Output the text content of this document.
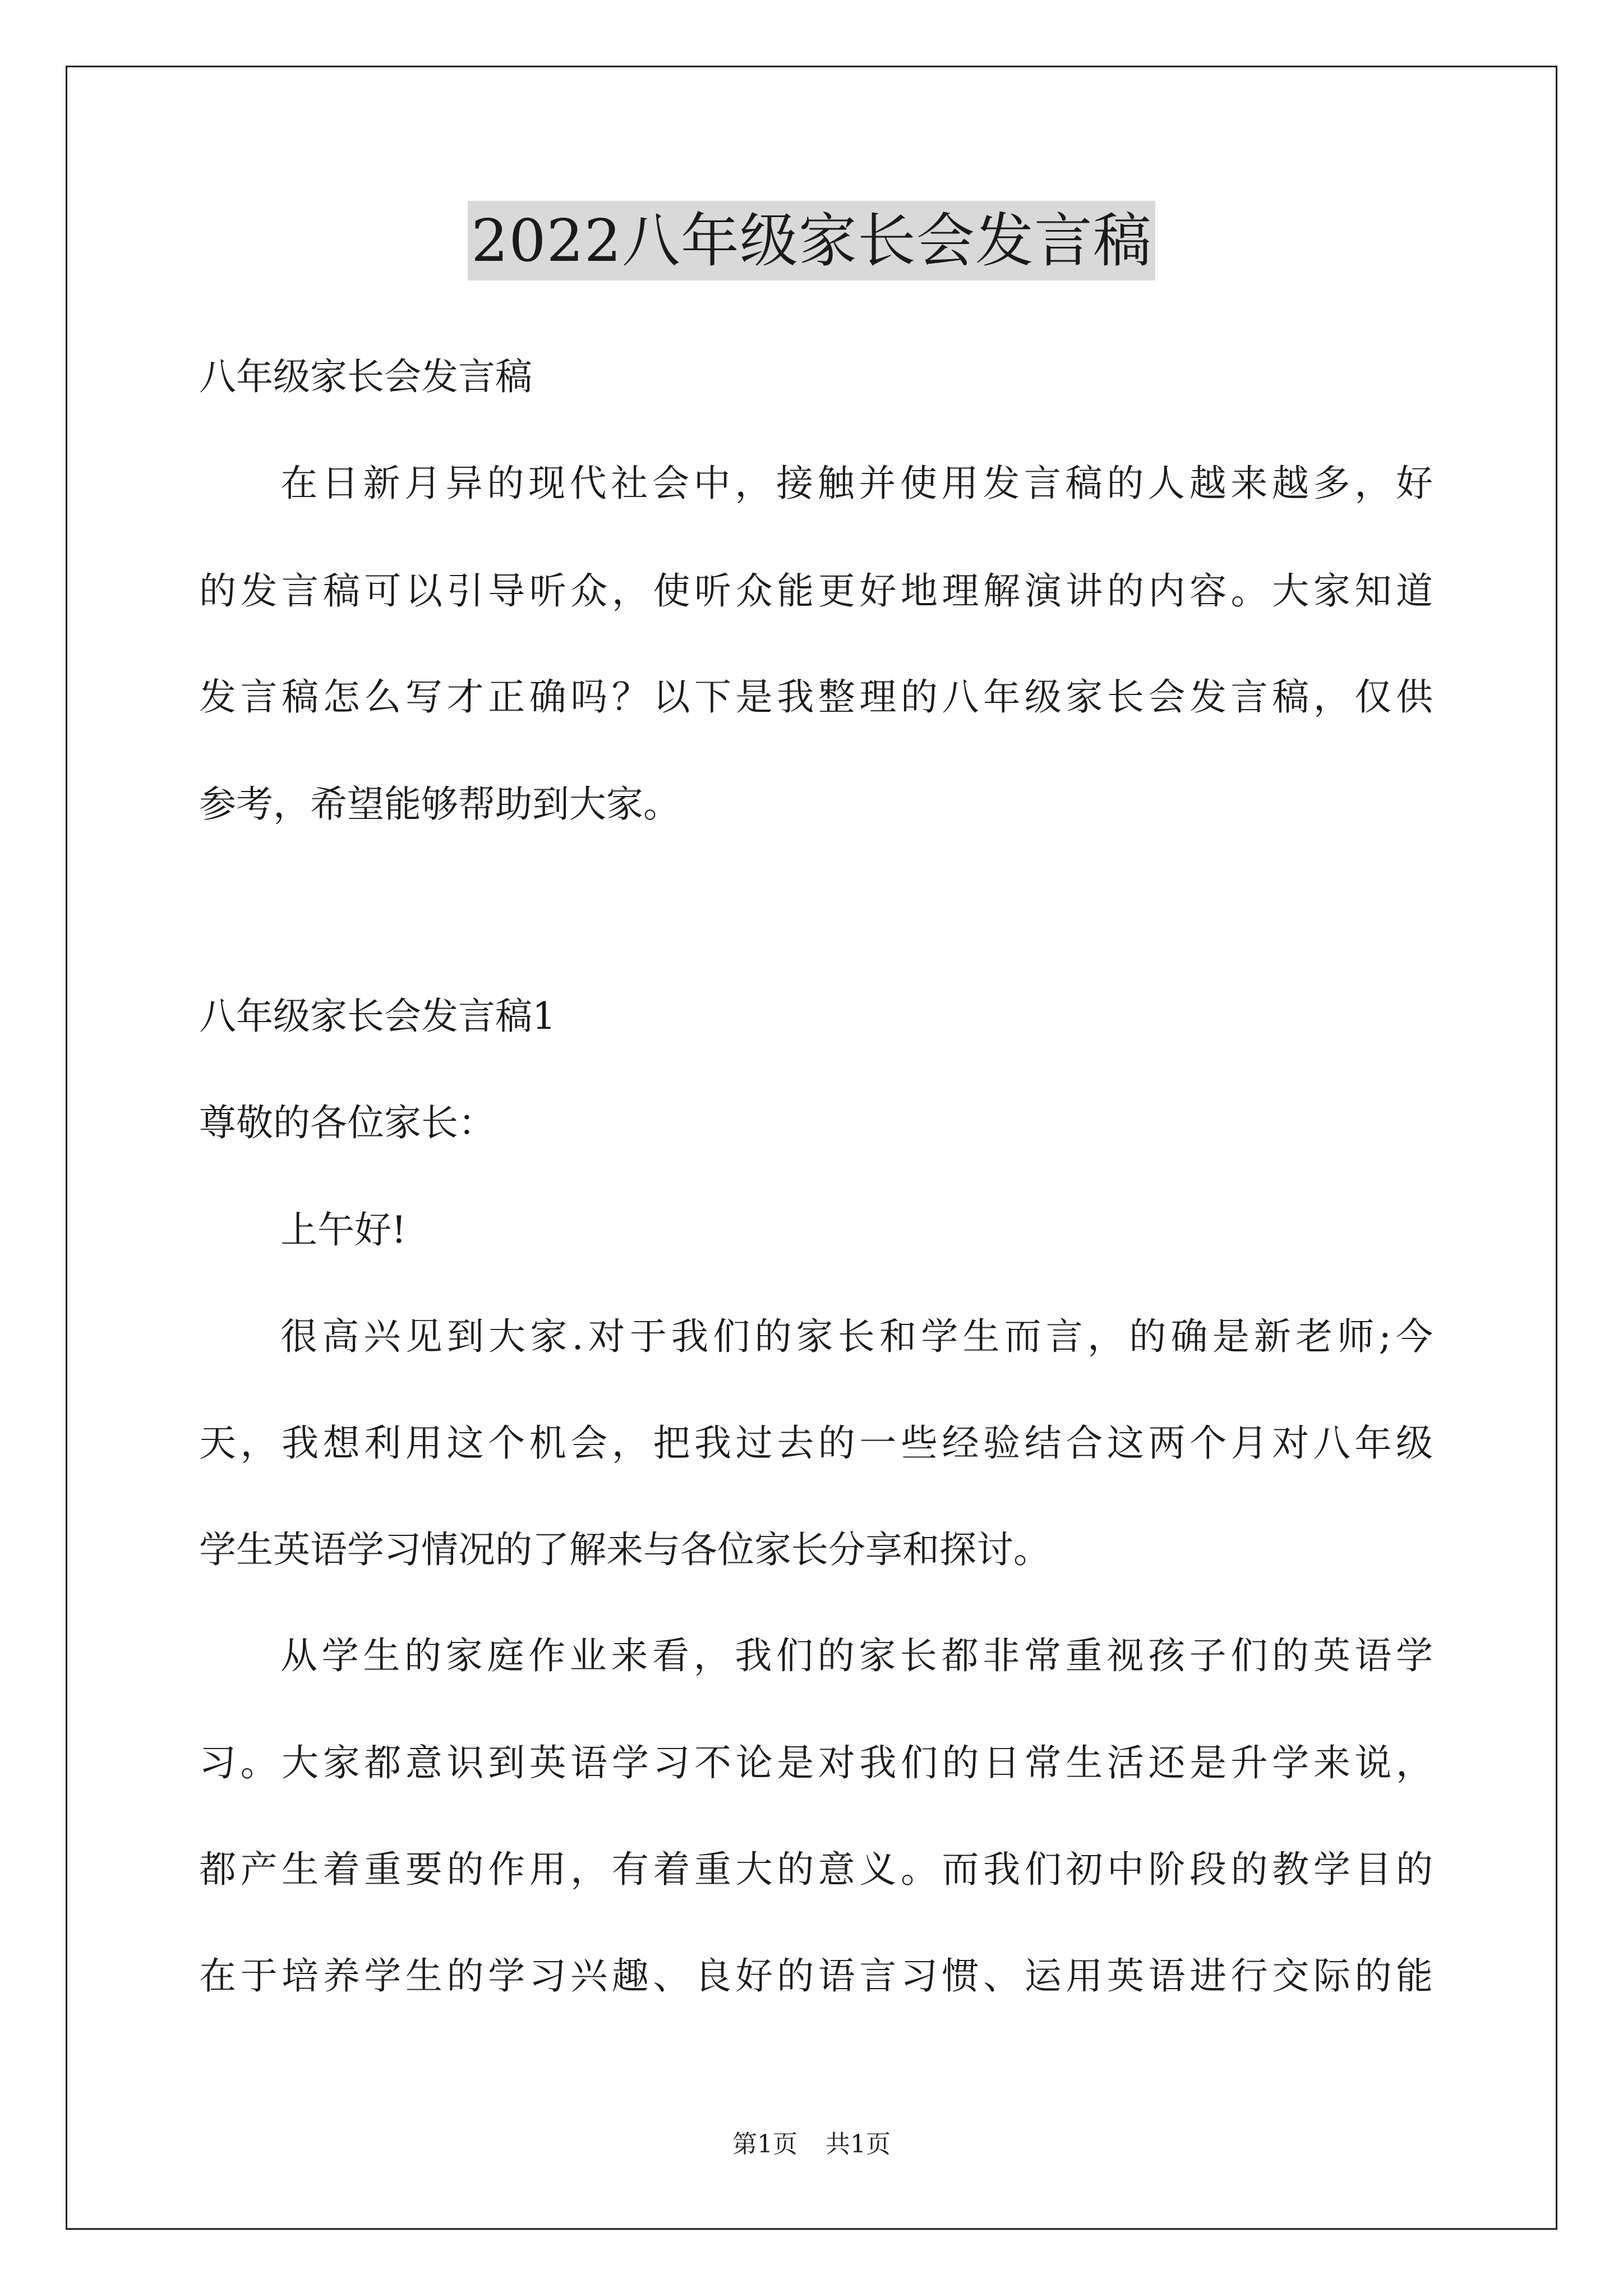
2022八年级家长会发言稿
八年级家长会发言稿
在日新月异的现代社会中，接触并使用发言稿的人越来越多，好
的发言稿可以引导听众，使听众能更好地理解演讲的内容。大家知道
发言稿怎么写才正确吗？以下是我整理的八年级家长会发言稿，仅供
参考，希望能够帮助到大家。
八年级家长会发言稿1
尊敬的各位家长：
上午好!
很高兴见到大家.对于我们的家长和学生而言，的确是新老师;今
天，我想利用这个机会，把我过去的一些经验结合这两个月对八年级
学生英语学习情况的了解来与各位家长分享和探讨。
从学生的家庭作业来看，我们的家长都非常重视孩子们的英语学
习。大家都意识到英语学习不论是对我们的日常生活还是升学来说，
都产生着重要的作用，有着重大的意义。而我们初中阶段的教学目的
在于培养学生的学习兴趣、良好的语言习惯、运用英语进行交际的能
第1页 共1页
